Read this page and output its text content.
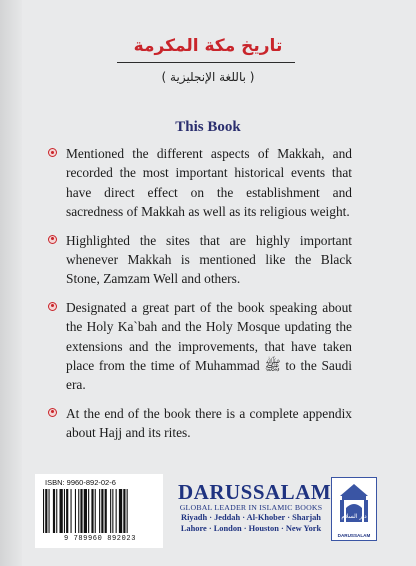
تاريخ مكة المكرمة
( باللغة الإنجليزية )
This Book
Mentioned the different aspects of Makkah, and recorded the most important historical events that have direct effect on the establishment and sacredness of Makkah as well as its religious weight.
Highlighted the sites that are highly important whenever Makkah is mentioned like the Black Stone, Zamzam Well and others.
Designated a great part of the book speaking about the Holy Ka`bah and the Holy Mosque updating the extensions and the improvements, that have taken place from the time of Muhammad ﷺ to the Saudi era.
At the end of the book there is a complete appendix about Hajj and its rites.
ISBN: 9960-892-02-6
9 789960 892023
DARUSSALAM
GLOBAL LEADER IN ISLAMIC BOOKS
Riyadh · Jeddah · Al-Khober · Sharjah
Lahore · London · Houston · New York
دار السلام
DARUSSALAM
